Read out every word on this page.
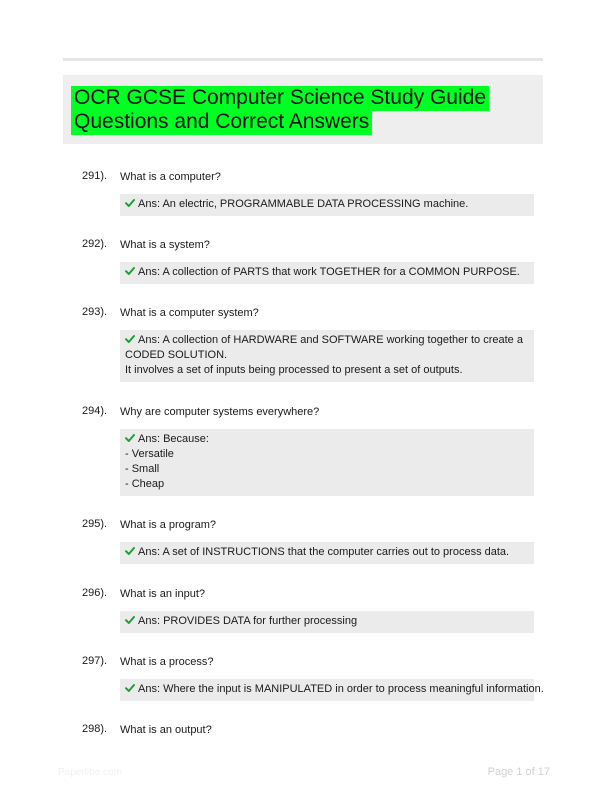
OCR GCSE Computer Science Study Guide
Questions and Correct Answers
291). What is a computer?
Ans: An electric, PROGRAMMABLE DATA PROCESSING machine.
292). What is a system?
Ans: A collection of PARTS that work TOGETHER for a COMMON PURPOSE.
293). What is a computer system?
Ans: A collection of HARDWARE and SOFTWARE working together to create a
CODED SOLUTION.
It involves a set of inputs being processed to present a set of outputs.
294). Why are computer systems everywhere?
Ans: Because:
- Versatile
- Small
- Cheap
295). What is a program?
Ans: A set of INSTRUCTIONS that the computer carries out to process data.
296). What is an input?
Ans: PROVIDES DATA for further processing
297). What is a process?
Ans: Where the input is MANIPULATED in order to process meaningful information.
298). What is an output?
Paperlibe.com	Page 1 of 17
